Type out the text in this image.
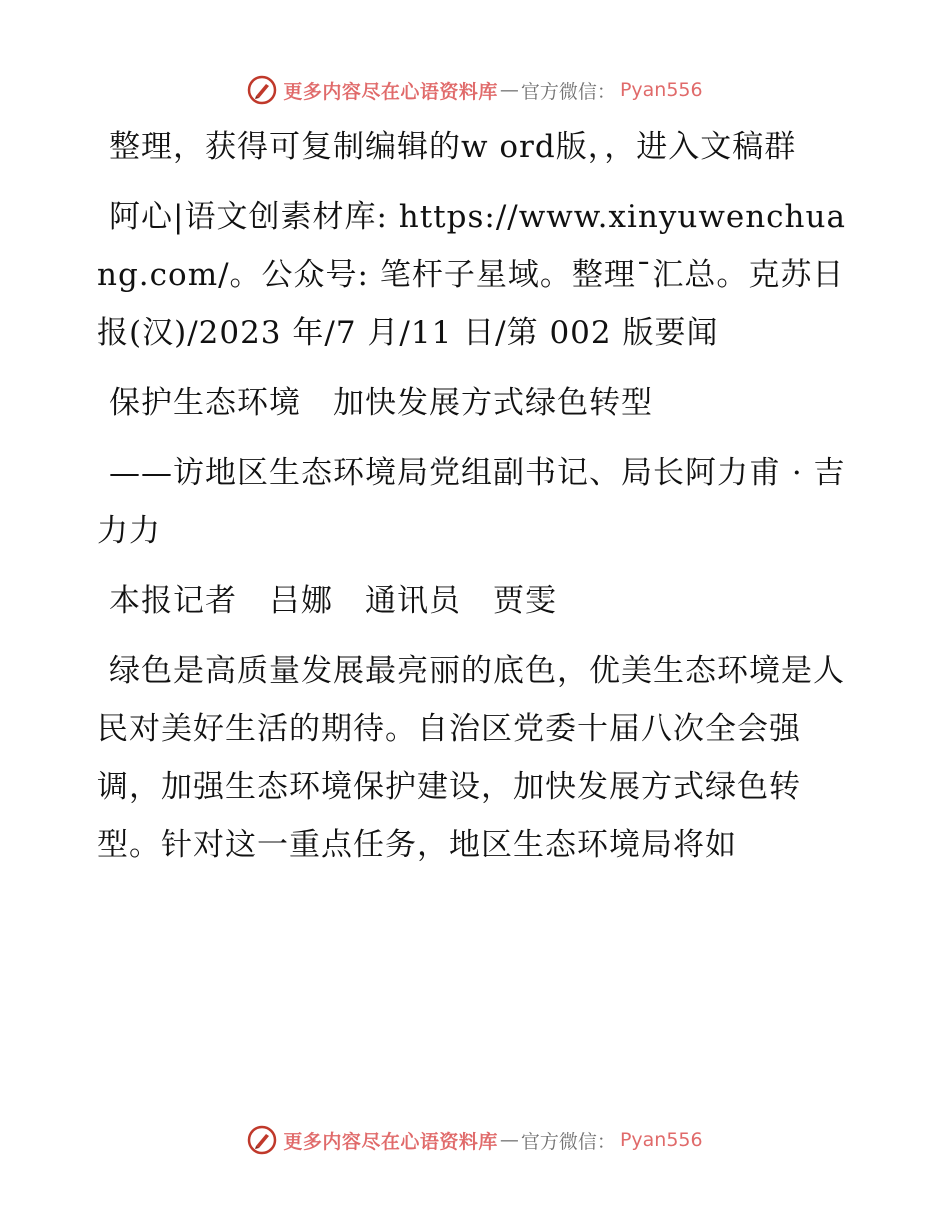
更多内容尽在心语资料库 — 官方微信： Pyan556

整理，获得可复制编辑的w ord版，，进入文稿群

阿心|语文创素材库: https://www.xinyuwenchuang.com/。公众号: 笔杆子星域。整理¯汇总。克苏日报(汉)/2023 年/7 月/11 日/第 002 版要闻

保护生态环境　加快发展方式绿色转型

——访地区生态环境局党组副书记、局长阿力甫 · 吉力力

本报记者　吕娜　通讯员　贾雯

绿色是高质量发展最亮丽的底色，优美生态环境是人民对美好生活的期待。自治区党委十届八次全会强调，加强生态环境保护建设，加快发展方式绿色转型。针对这一重点任务，地区生态环境局将如

更多内容尽在心语资料库 — 官方微信： Pyan556
